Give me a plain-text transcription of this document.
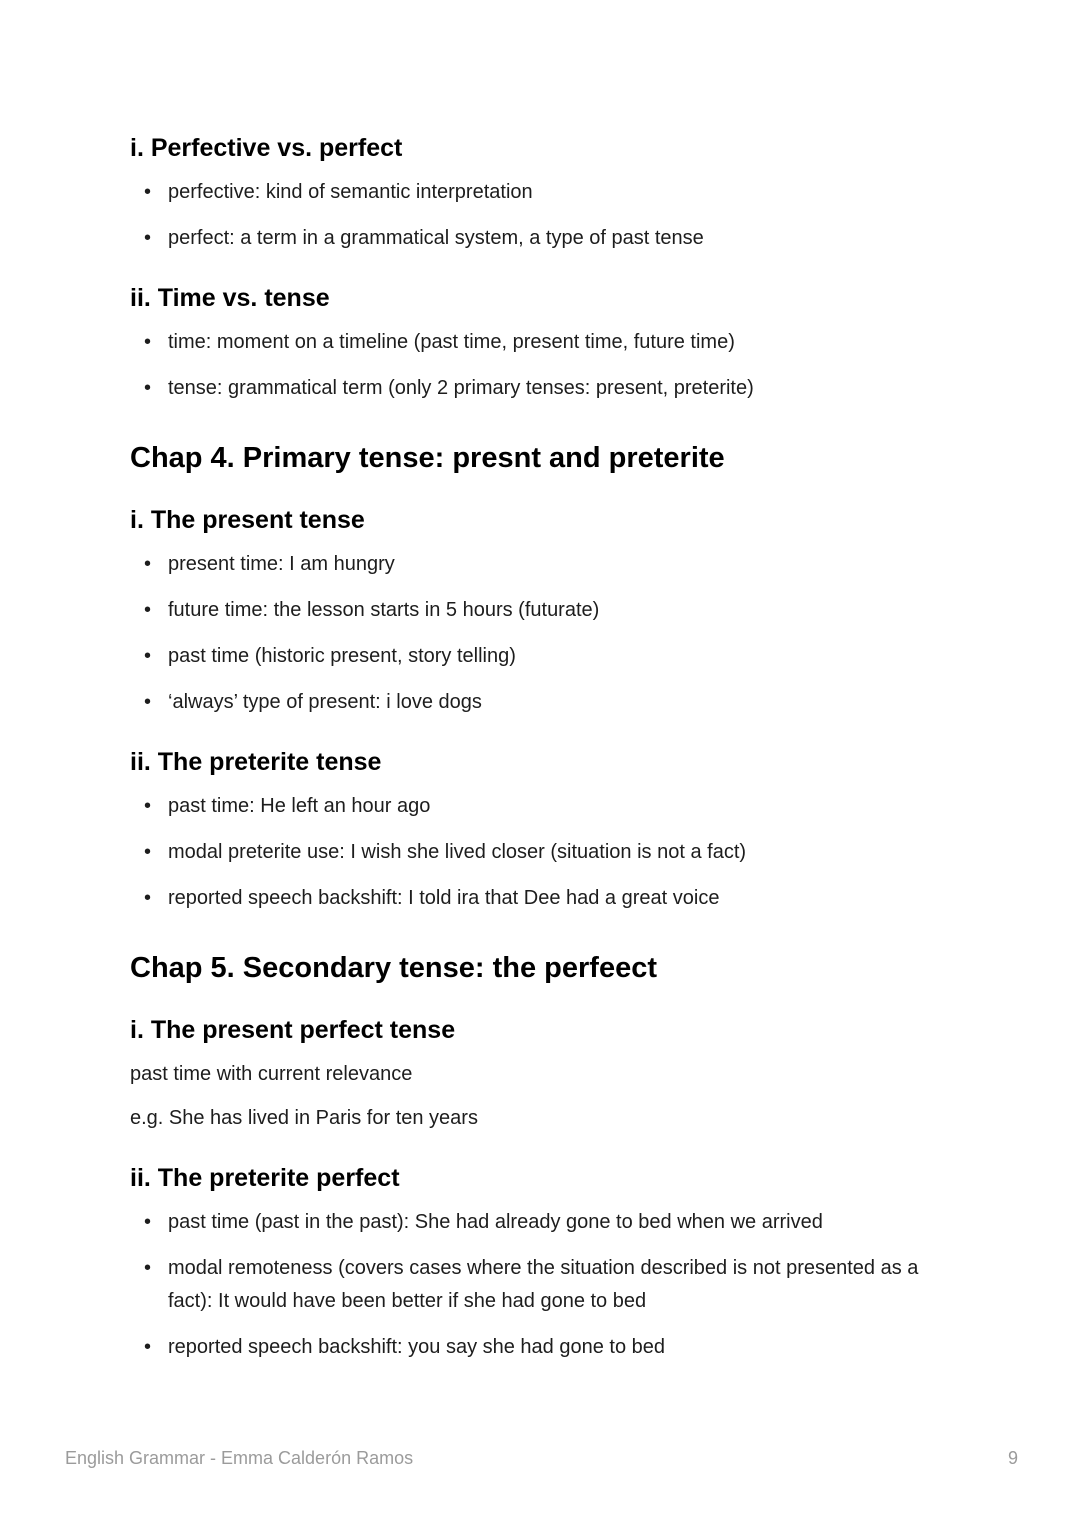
i. Perfective vs. perfect
• perfective: kind of semantic interpretation
• perfect: a term in a grammatical system, a type of past tense
ii. Time vs. tense
• time: moment on a timeline (past time, present time, future time)
• tense: grammatical term (only 2 primary tenses: present, preterite)
Chap 4. Primary tense: presnt and preterite
i. The present tense
• present time: I am hungry
• future time: the lesson starts in 5 hours (futurate)
• past time (historic present, story telling)
• ‘always’ type of present: i love dogs
ii. The preterite tense
• past time: He left an hour ago
• modal preterite use: I wish she lived closer (situation is not a fact)
• reported speech backshift: I told ira that Dee had a great voice
Chap 5. Secondary tense: the perfeect
i. The present perfect tense

past time with current relevance

e.g. She has lived in Paris for ten years

ii. The preterite perfect
• past time (past in the past): She had already gone to bed when we arrived
• modal remoteness (covers cases where the situation described is not presented as a fact): It would have been better if she had gone to bed
• reported speech backshift: you say she had gone to bed
English Grammar - Emma Calderón Ramos	9
